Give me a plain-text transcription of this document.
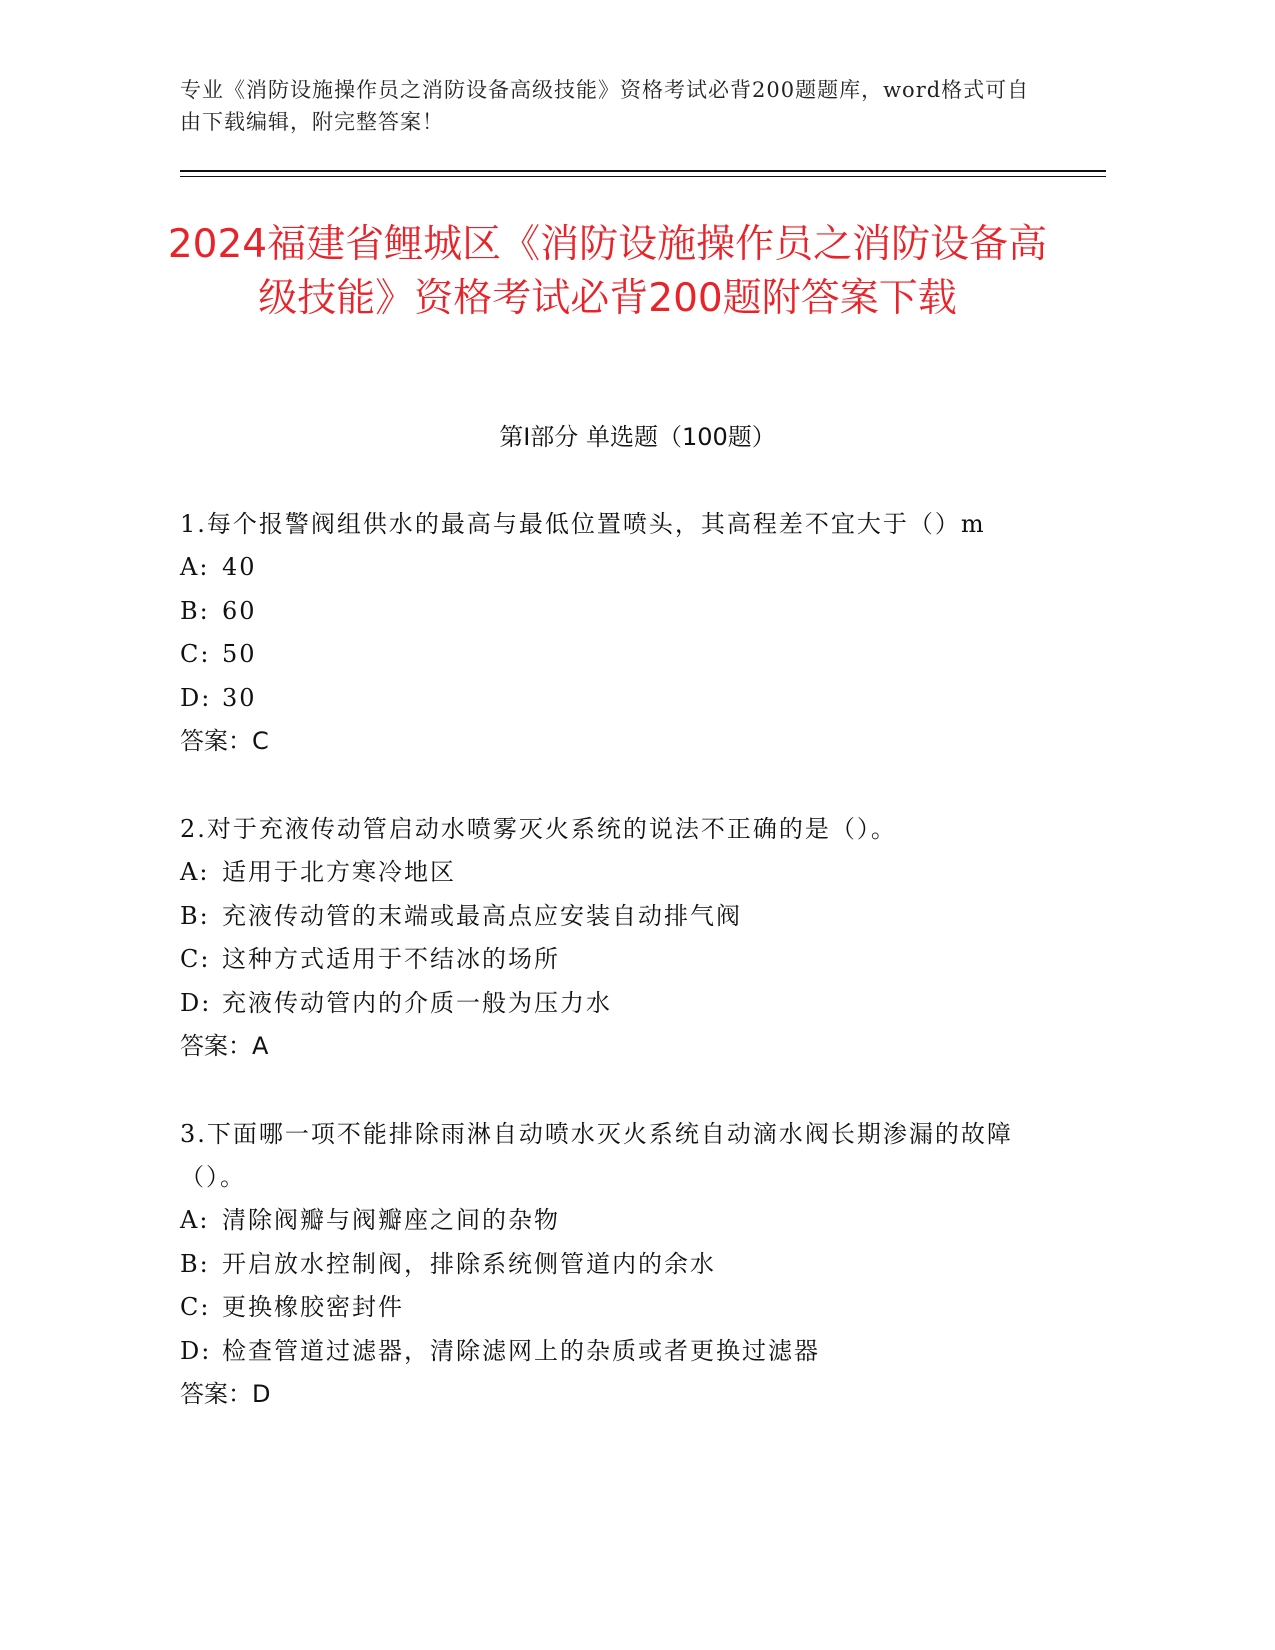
专业《消防设施操作员之消防设备高级技能》资格考试必背200题题库，word格式可自由下载编辑，附完整答案！
2024福建省鲤城区《消防设施操作员之消防设备高级技能》资格考试必背200题附答案下载
第Ⅰ部分 单选题（100题）

1.每个报警阀组供水的最高与最低位置喷头，其高程差不宜大于（）m

A: 40

B: 60

C: 50

D: 30

答案：C

2.对于充液传动管启动水喷雾灭火系统的说法不正确的是（）。

A: 适用于北方寒冷地区

B: 充液传动管的末端或最高点应安装自动排气阀

C: 这种方式适用于不结冰的场所

D: 充液传动管内的介质一般为压力水

答案：A

3.下面哪一项不能排除雨淋自动喷水灭火系统自动滴水阀长期渗漏的故障（）。

A: 清除阀瓣与阀瓣座之间的杂物

B: 开启放水控制阀，排除系统侧管道内的余水

C: 更换橡胶密封件

D: 检查管道过滤器，清除滤网上的杂质或者更换过滤器

答案：D
